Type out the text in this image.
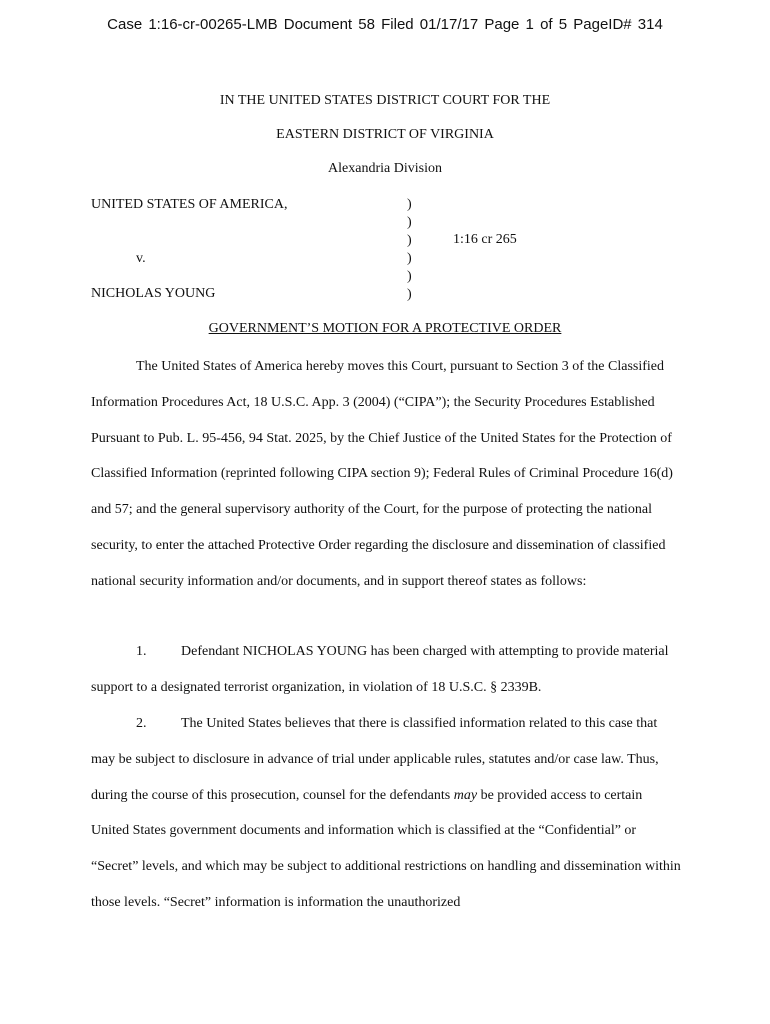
Case 1:16-cr-00265-LMB Document 58 Filed 01/17/17 Page 1 of 5 PageID# 314
IN THE UNITED STATES DISTRICT COURT FOR THE
EASTERN DISTRICT OF VIRGINIA
Alexandria Division
UNITED STATES OF AMERICA,
v.
NICHOLAS YOUNG
)
)
)
)
)
)
1:16 cr 265
GOVERNMENT’S MOTION FOR A PROTECTIVE ORDER
The United States of America hereby moves this Court, pursuant to Section 3 of the Classified Information Procedures Act, 18 U.S.C. App. 3 (2004) (“CIPA”); the Security Procedures Established Pursuant to Pub. L. 95-456, 94 Stat. 2025, by the Chief Justice of the United States for the Protection of Classified Information (reprinted following CIPA section 9); Federal Rules of Criminal Procedure 16(d) and 57; and the general supervisory authority of the Court, for the purpose of protecting the national security, to enter the attached Protective Order regarding the disclosure and dissemination of classified national security information and/or documents, and in support thereof states as follows:
1. Defendant NICHOLAS YOUNG has been charged with attempting to provide material support to a designated terrorist organization, in violation of 18 U.S.C. § 2339B.
2. The United States believes that there is classified information related to this case that may be subject to disclosure in advance of trial under applicable rules, statutes and/or case law. Thus, during the course of this prosecution, counsel for the defendants may be provided access to certain United States government documents and information which is classified at the “Confidential” or “Secret” levels, and which may be subject to additional restrictions on handling and dissemination within those levels. “Secret” information is information the unauthorized
